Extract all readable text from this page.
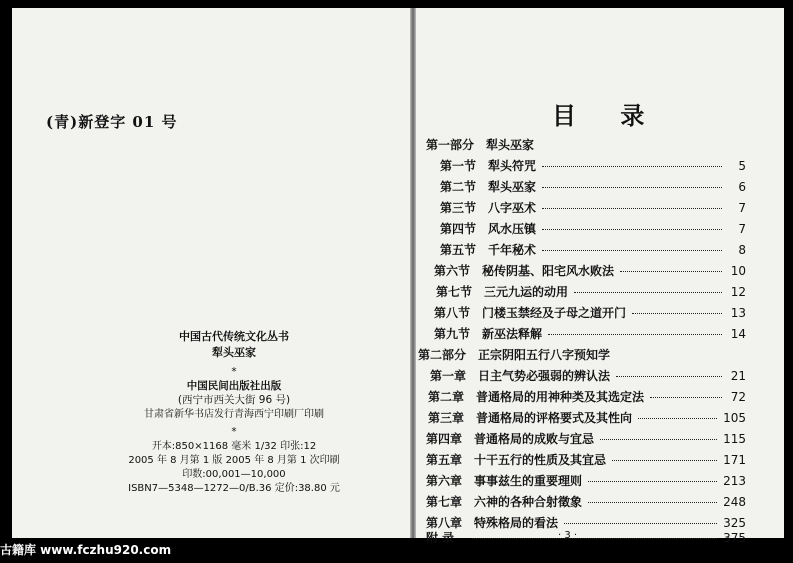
(青)新登字 01 号
中国古代传统文化丛书
犁头巫家
*
中国民间出版社出版
(西宁市西关大街 96 号)
甘肃省新华书店发行青海西宁印刷厂印刷
*
开本:850×1168 毫米 1/32 印张:12
2005 年 8 月第 1 版 2005 年 8 月第 1 次印刷
印数:00,001—10,000
ISBN7—5348—1272—0/B.36 定价:38.80 元
目 录
第一部分 犁头巫家
第一节 犁头符咒	5
第二节 犁头巫家	6
第三节 八字巫术	7
第四节 风水压镇	7
第五节 千年秘术	8
第六节 秘传阴基、阳宅风水败法	10
第七节 三元九运的动用	12
第八节 门楼玉禁经及子母之道开门	13
第九节 新巫法释解	14
第二部分 正宗阴阳五行八字预知学
第一章 日主气势必强弱的辨认法	21
第二章 普通格局的用神种类及其选定法	72
第三章 普通格局的评格要式及其性向	105
第四章 普通格局的成败与宜忌	115
第五章 十干五行的性质及其宜忌	171
第六章 事事兹生的重要理则	213
第七章 六神的各种合射徵象	248
第八章 特殊格局的看法	325
附 录	375
· 3 ·
古籍库 www.fczhu920.com
